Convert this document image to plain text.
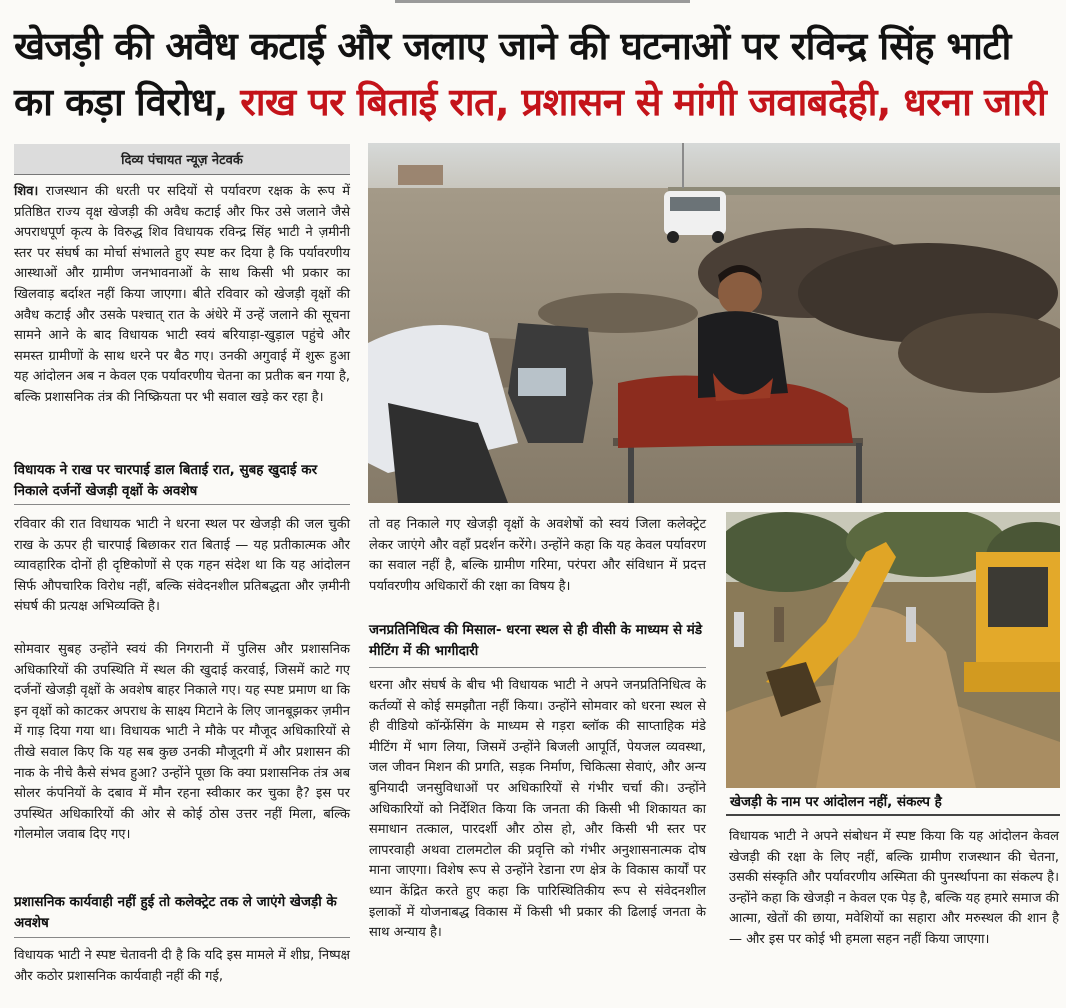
खेजड़ी की अवैध कटाई और जलाए जाने की घटनाओं पर रविन्द्र सिंह भाटी का कड़ा विरोध, राख पर बिताई रात, प्रशासन से मांगी जवाबदेही, धरना जारी
दिव्य पंचायत न्यूज़ नेटवर्क

शिव। राजस्थान की धरती पर सदियों से पर्यावरण रक्षक के रूप में प्रतिष्ठित राज्य वृक्ष खेजड़ी की अवैध कटाई और फिर उसे जलाने जैसे अपराधपूर्ण कृत्य के विरुद्ध शिव विधायक रविन्द्र सिंह भाटी ने ज़मीनी स्तर पर संघर्ष का मोर्चा संभालते हुए स्पष्ट कर दिया है कि पर्यावरणीय आस्थाओं और ग्रामीण जनभावनाओं के साथ किसी भी प्रकार का खिलवाड़ बर्दाश्त नहीं किया जाएगा। बीते रविवार को खेजड़ी वृक्षों की अवैध कटाई और उसके पश्चात् रात के अंधेरे में उन्हें जलाने की सूचना सामने आने के बाद विधायक भाटी स्वयं बरियाड़ा-खुड़ाल पहुंचे और समस्त ग्रामीणों के साथ धरने पर बैठ गए। उनकी अगुवाई में शुरू हुआ यह आंदोलन अब न केवल एक पर्यावरणीय चेतना का प्रतीक बन गया है, बल्कि प्रशासनिक तंत्र की निष्क्रियता पर भी सवाल खड़े कर रहा है।

विधायक ने राख पर चारपाई डाल बिताई रात, सुबह खुदाई कर निकाले दर्जनों खेजड़ी वृक्षों के अवशेष
रविवार की रात विधायक भाटी ने धरना स्थल पर खेजड़ी की जल चुकी राख के ऊपर ही चारपाई बिछाकर रात बिताई — यह प्रतीकात्मक और व्यावहारिक दोनों ही दृष्टिकोणों से एक गहन संदेश था कि यह आंदोलन सिर्फ औपचारिक विरोध नहीं, बल्कि संवेदनशील प्रतिबद्धता और ज़मीनी संघर्ष की प्रत्यक्ष अभिव्यक्ति है।
सोमवार सुबह उन्होंने स्वयं की निगरानी में पुलिस और प्रशासनिक अधिकारियों की उपस्थिति में स्थल की खुदाई करवाई, जिसमें काटे गए दर्जनों खेजड़ी वृक्षों के अवशेष बाहर निकाले गए। यह स्पष्ट प्रमाण था कि इन वृक्षों को काटकर अपराध के साक्ष्य मिटाने के लिए जानबूझकर ज़मीन में गाड़ दिया गया था। विधायक भाटी ने मौके पर मौजूद अधिकारियों से तीखे सवाल किए कि यह सब कुछ उनकी मौजूदगी में और प्रशासन की नाक के नीचे कैसे संभव हुआ? उन्होंने पूछा कि क्या प्रशासनिक तंत्र अब सोलर कंपनियों के दबाव में मौन रहना स्वीकार कर चुका है? इस पर उपस्थित अधिकारियों की ओर से कोई ठोस उत्तर नहीं मिला, बल्कि गोलमोल जवाब दिए गए।
प्रशासनिक कार्यवाही नहीं हुई तो कलेक्ट्रेट तक ले जाएंगे खेजड़ी के अवशेष
विधायक भाटी ने स्पष्ट चेतावनी दी है कि यदि इस मामले में शीघ्र, निष्पक्ष और कठोर प्रशासनिक कार्यवाही नहीं की गई,
तो वह निकाले गए खेजड़ी वृक्षों के अवशेषों को स्वयं जिला कलेक्ट्रेट लेकर जाएंगे और वहाँ प्रदर्शन करेंगे। उन्होंने कहा कि यह केवल पर्यावरण का सवाल नहीं है, बल्कि ग्रामीण गरिमा, परंपरा और संविधान में प्रदत्त पर्यावरणीय अधिकारों की रक्षा का विषय है।
जनप्रतिनिधित्व की मिसाल- धरना स्थल से ही वीसी के माध्यम से मंडे मीटिंग में की भागीदारी
धरना और संघर्ष के बीच भी विधायक भाटी ने अपने जनप्रतिनिधित्व के कर्तव्यों से कोई समझौता नहीं किया। उन्होंने सोमवार को धरना स्थल से ही वीडियो कॉन्फ्रेंसिंग के माध्यम से गड़रा ब्लॉक की साप्ताहिक मंडे मीटिंग में भाग लिया, जिसमें उन्होंने बिजली आपूर्ति, पेयजल व्यवस्था, जल जीवन मिशन की प्रगति, सड़क निर्माण, चिकित्सा सेवाएं, और अन्य बुनियादी जनसुविधाओं पर अधिकारियों से गंभीर चर्चा की। उन्होंने अधिकारियों को निर्देशित किया कि जनता की किसी भी शिकायत का समाधान तत्काल, पारदर्शी और ठोस हो, और किसी भी स्तर पर लापरवाही अथवा टालमटोल की प्रवृत्ति को गंभीर अनुशासनात्मक दोष माना जाएगा। विशेष रूप से उन्होंने रेडाना रण क्षेत्र के विकास कार्यों पर ध्यान केंद्रित करते हुए कहा कि पारिस्थितिकीय रूप से संवेदनशील इलाकों में योजनाबद्ध विकास में किसी भी प्रकार की ढिलाई जनता के साथ अन्याय है।
खेजड़ी के नाम पर आंदोलन नहीं, संकल्प है
विधायक भाटी ने अपने संबोधन में स्पष्ट किया कि यह आंदोलन केवल खेजड़ी की रक्षा के लिए नहीं, बल्कि ग्रामीण राजस्थान की चेतना, उसकी संस्कृति और पर्यावरणीय अस्मिता की पुनर्स्थापना का संकल्प है। उन्होंने कहा कि खेजड़ी न केवल एक पेड़ है, बल्कि यह हमारे समाज की आत्मा, खेतों की छाया, मवेशियों का सहारा और मरुस्थल की शान है — और इस पर कोई भी हमला सहन नहीं किया जाएगा।
